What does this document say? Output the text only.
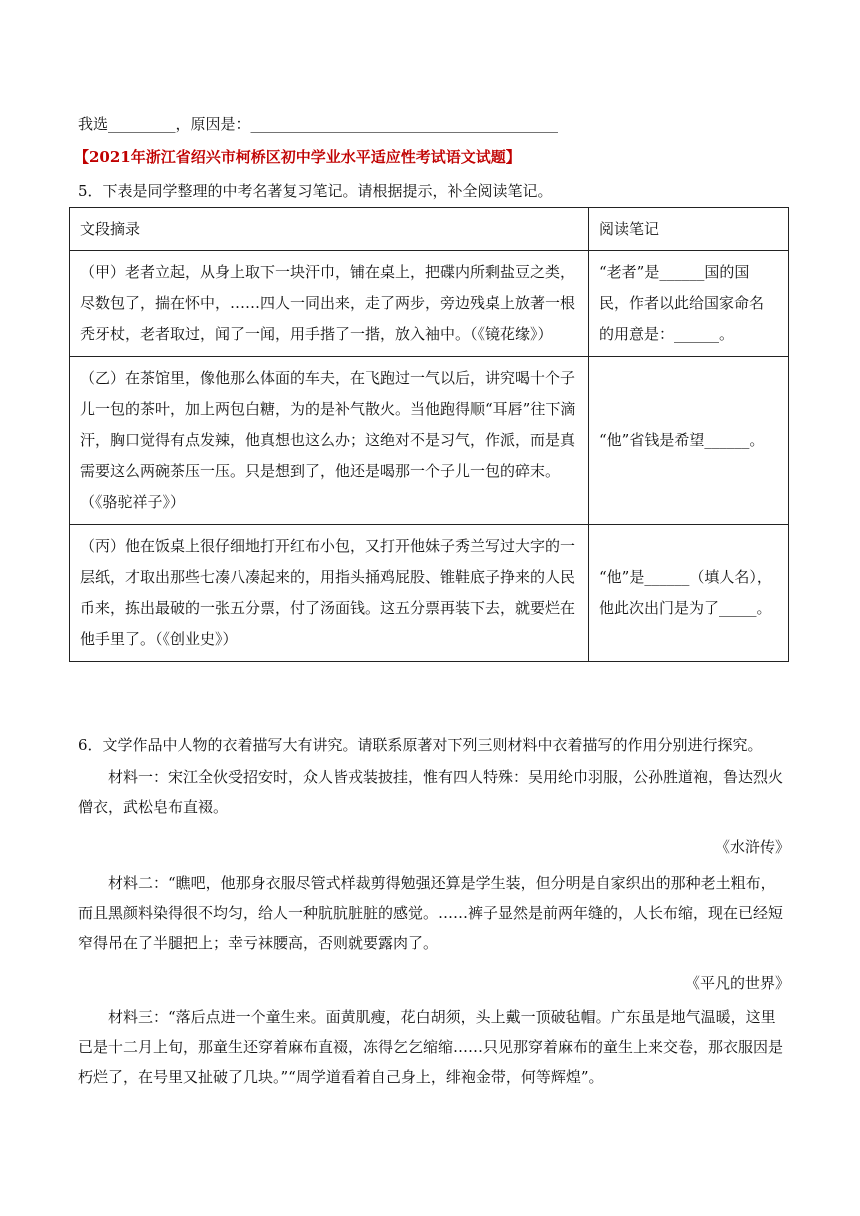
我选_________，原因是：_________________________________________
【2021年浙江省绍兴市柯桥区初中学业水平适应性考试语文试题】
5．下表是同学整理的中考名著复习笔记。请根据提示，补全阅读笔记。
文段摘录	阅读笔记
（甲）老者立起，从身上取下一块汗巾，铺在桌上，把碟内所剩盐豆之类，尽数包了，揣在怀中，……四人一同出来，走了两步，旁边残桌上放著一根秃牙杖，老者取过，闻了一闻，用手揩了一揩，放入袖中。（《镜花缘》）	“老者”是______国的国民，作者以此给国家命名的用意是：______。
（乙）在茶馆里，像他那么体面的车夫，在飞跑过一气以后，讲究喝十个子儿一包的茶叶，加上两包白糖，为的是补气散火。当他跑得顺“耳唇”往下滴汗，胸口觉得有点发辣，他真想也这么办；这绝对不是习气，作派，而是真需要这么两碗茶压一压。只是想到了，他还是喝那一个子儿一包的碎末。（《骆驼祥子》）	“他”省钱是希望______。
（丙）他在饭桌上很仔细地打开红布小包，又打开他妹子秀兰写过大字的一层纸，才取出那些七凑八凑起来的，用指头捅鸡屁股、锥鞋底子挣来的人民币来，拣出最破的一张五分票，付了汤面钱。这五分票再装下去，就要烂在他手里了。（《创业史》）	“他”是______（填人名），他此次出门是为了_____。
6．文学作品中人物的衣着描写大有讲究。请联系原著对下列三则材料中衣着描写的作用分别进行探究。
材料一：宋江全伙受招安时，众人皆戎装披挂，惟有四人特殊：吴用纶巾羽服，公孙胜道袍，鲁达烈火僧衣，武松皂布直裰。
《水浒传》
材料二：“瞧吧，他那身衣服尽管式样裁剪得勉强还算是学生装，但分明是自家织出的那种老土粗布，而且黑颜料染得很不均匀，给人一种肮肮脏脏的感觉。……裤子显然是前两年缝的，人长布缩，现在已经短窄得吊在了半腿把上；幸亏袜腰高，否则就要露肉了。
《平凡的世界》
材料三：“落后点进一个童生来。面黄肌瘦，花白胡须，头上戴一顶破毡帽。广东虽是地气温暖，这里已是十二月上旬，那童生还穿着麻布直裰，冻得乞乞缩缩……只见那穿着麻布的童生上来交卷，那衣服因是朽烂了，在号里又扯破了几块。”“周学道看着自己身上，绯袍金带，何等辉煌”。
